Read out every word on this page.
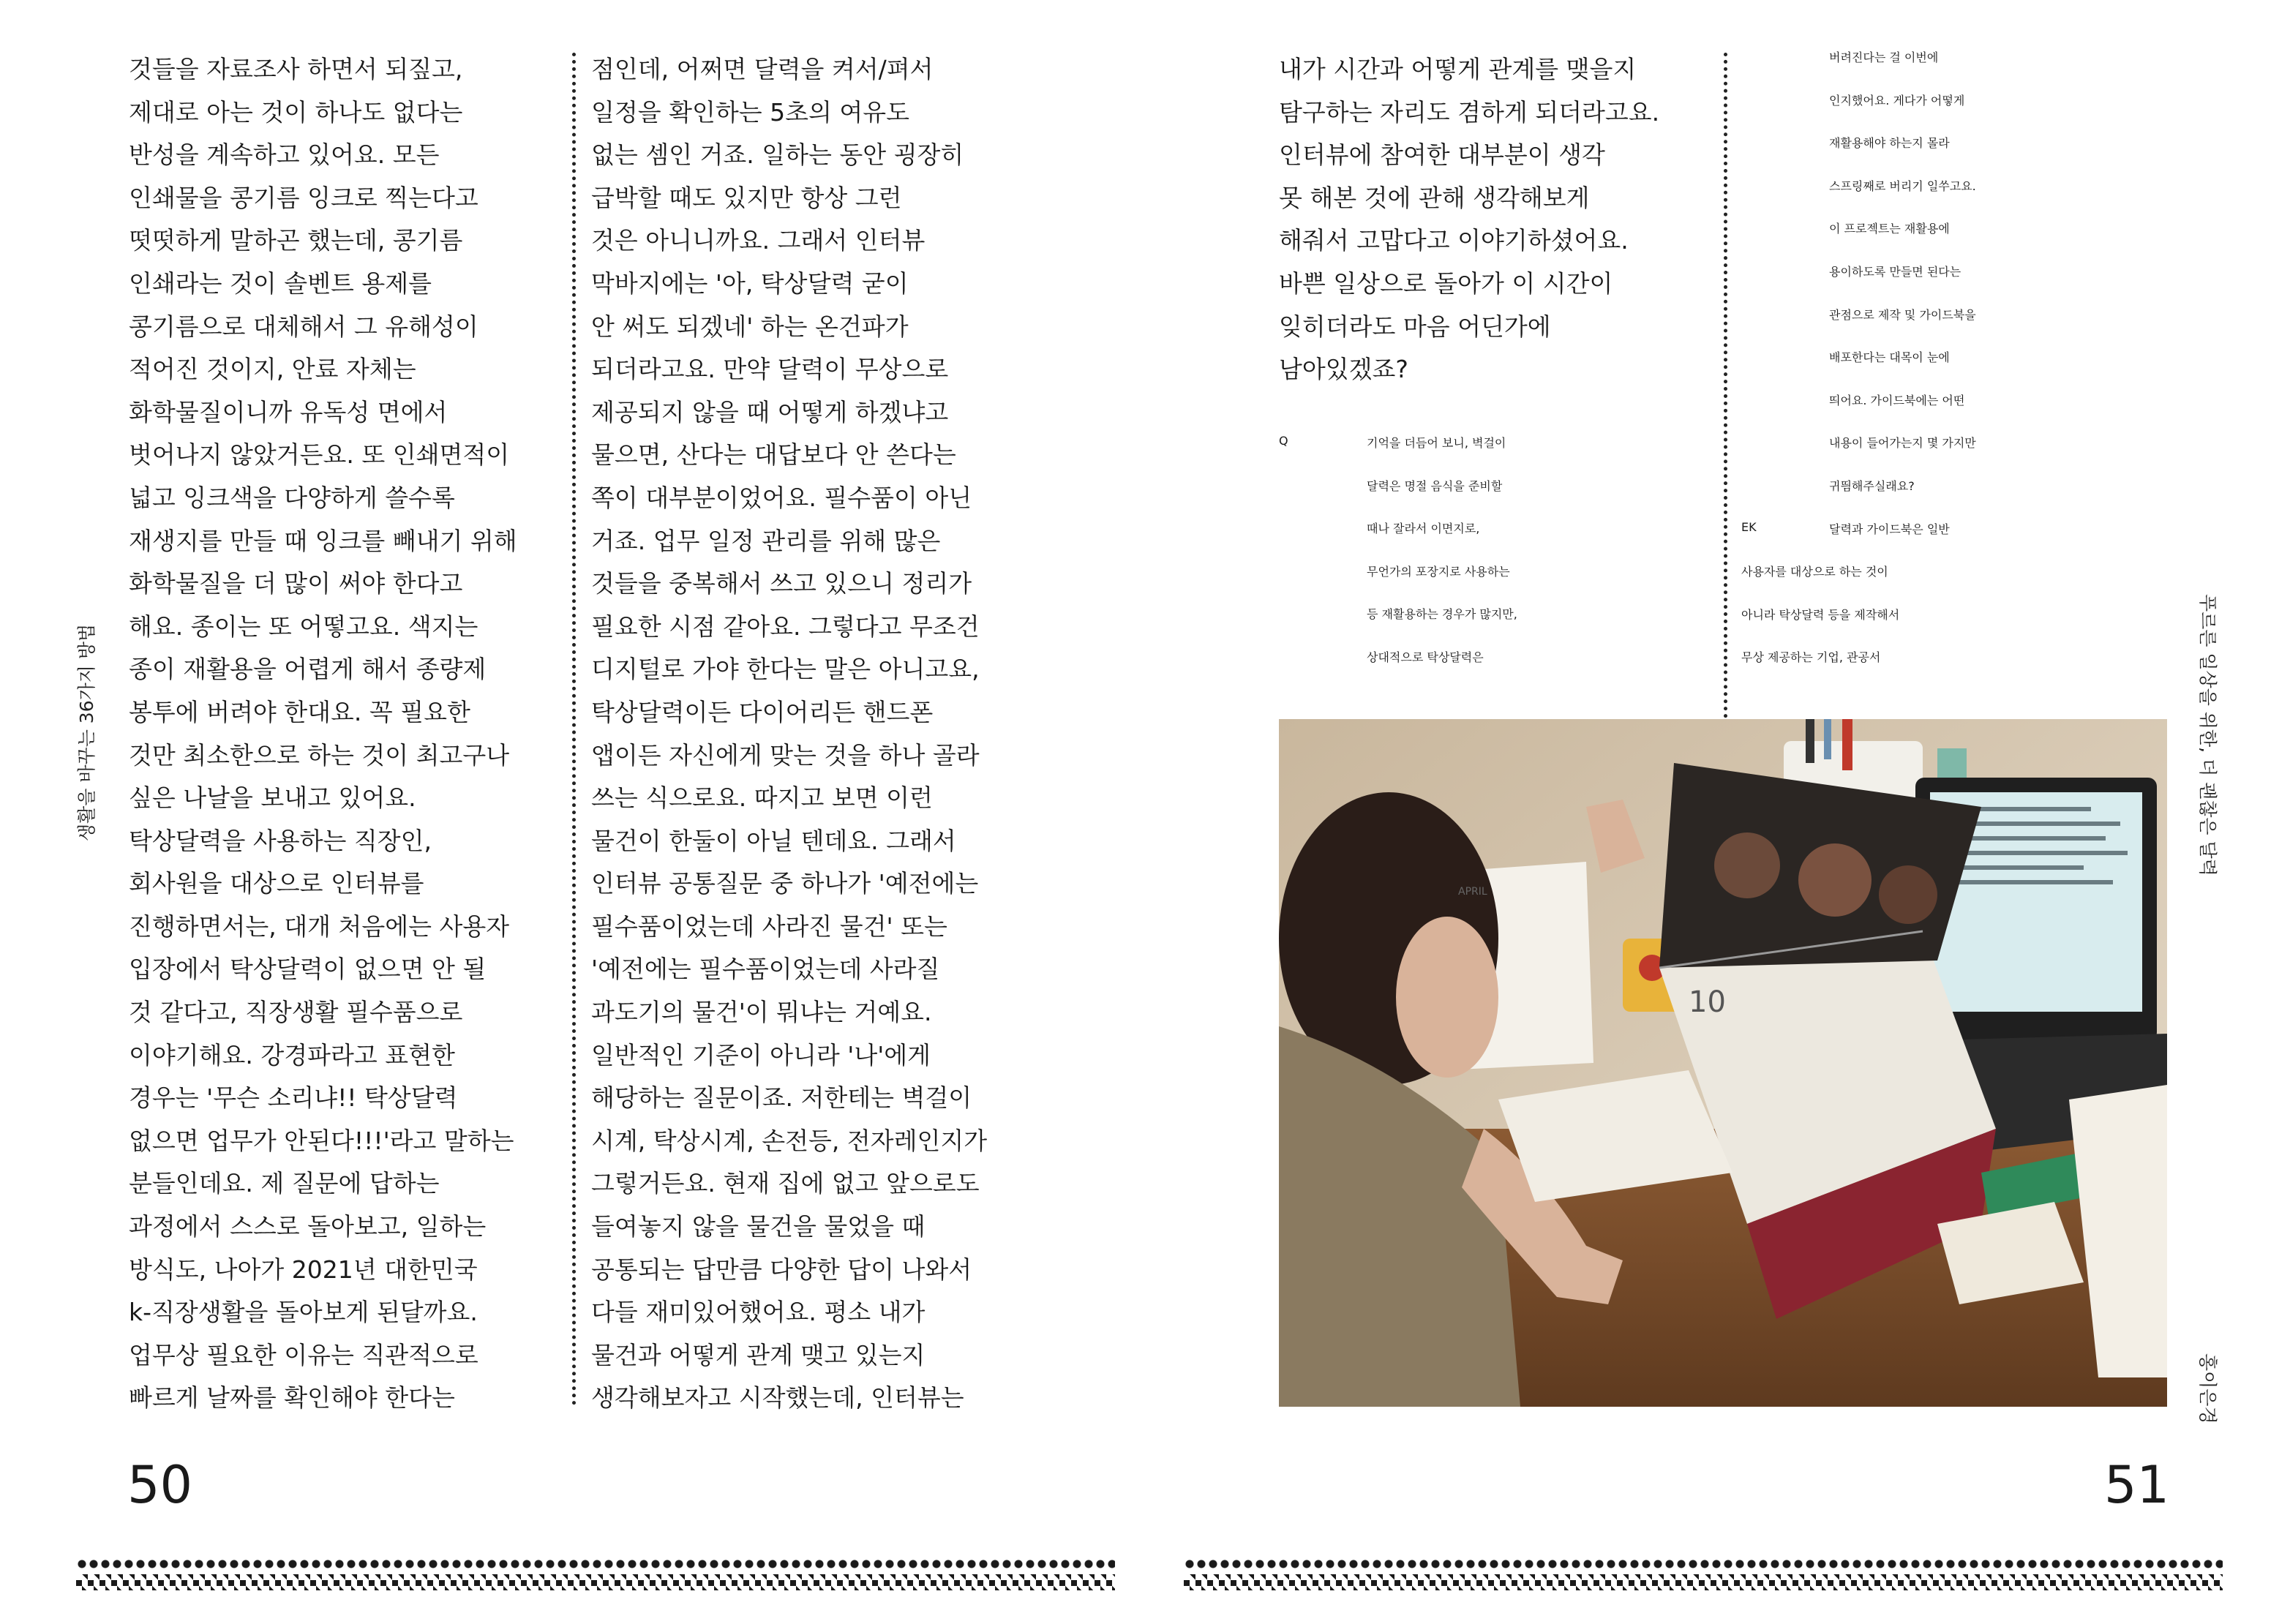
것들을 자료조사 하면서 되짚고,
제대로 아는 것이 하나도 없다는
반성을 계속하고 있어요. 모든
인쇄물을 콩기름 잉크로 찍는다고
떳떳하게 말하곤 했는데, 콩기름
인쇄라는 것이 솔벤트 용제를
콩기름으로 대체해서 그 유해성이
적어진 것이지, 안료 자체는
화학물질이니까 유독성 면에서
벗어나지 않았거든요. 또 인쇄면적이
넓고 잉크색을 다양하게 쓸수록
재생지를 만들 때 잉크를 빼내기 위해
화학물질을 더 많이 써야 한다고
해요. 종이는 또 어떻고요. 색지는
종이 재활용을 어렵게 해서 종량제
봉투에 버려야 한대요. 꼭 필요한
것만 최소한으로 하는 것이 최고구나
싶은 나날을 보내고 있어요.
탁상달력을 사용하는 직장인,
회사원을 대상으로 인터뷰를
진행하면서는, 대개 처음에는 사용자
입장에서 탁상달력이 없으면 안 될
것 같다고, 직장생활 필수품으로
이야기해요. 강경파라고 표현한
경우는 '무슨 소리냐!! 탁상달력
없으면 업무가 안된다!!!'라고 말하는
분들인데요. 제 질문에 답하는
과정에서 스스로 돌아보고, 일하는
방식도, 나아가 2021년 대한민국
k-직장생활을 돌아보게 된달까요.
업무상 필요한 이유는 직관적으로
빠르게 날짜를 확인해야 한다는
점인데, 어쩌면 달력을 켜서/펴서
일정을 확인하는 5초의 여유도
없는 셈인 거죠. 일하는 동안 굉장히
급박할 때도 있지만 항상 그런
것은 아니니까요. 그래서 인터뷰
막바지에는 '아, 탁상달력 굳이
안 써도 되겠네' 하는 온건파가
되더라고요. 만약 달력이 무상으로
제공되지 않을 때 어떻게 하겠냐고
물으면, 산다는 대답보다 안 쓴다는
쪽이 대부분이었어요. 필수품이 아닌
거죠. 업무 일정 관리를 위해 많은
것들을 중복해서 쓰고 있으니 정리가
필요한 시점 같아요. 그렇다고 무조건
디지털로 가야 한다는 말은 아니고요,
탁상달력이든 다이어리든 핸드폰
앱이든 자신에게 맞는 것을 하나 골라
쓰는 식으로요. 따지고 보면 이런
물건이 한둘이 아닐 텐데요. 그래서
인터뷰 공통질문 중 하나가 '예전에는
필수품이었는데 사라진 물건' 또는
'예전에는 필수품이었는데 사라질
과도기의 물건'이 뭐냐는 거예요.
일반적인 기준이 아니라 '나'에게
해당하는 질문이죠. 저한테는 벽걸이
시계, 탁상시계, 손전등, 전자레인지가
그렇거든요. 현재 집에 없고 앞으로도
들여놓지 않을 물건을 물었을 때
공통되는 답만큼 다양한 답이 나와서
다들 재미있어했어요. 평소 내가
물건과 어떻게 관계 맺고 있는지
생각해보자고 시작했는데, 인터뷰는
생활을 바꾸는 36가지 방법
50
내가 시간과 어떻게 관계를 맺을지
탐구하는 자리도 겸하게 되더라고요.
인터뷰에 참여한 대부분이 생각
못 해본 것에 관해 생각해보게
해줘서 고맙다고 이야기하셨어요.
바쁜 일상으로 돌아가 이 시간이
잊히더라도 마음 어딘가에
남아있겠죠?
Q	기억을 더듬어 보니, 벽걸이
달력은 명절 음식을 준비할
때나 잘라서 이면지로,
무언가의 포장지로 사용하는
등 재활용하는 경우가 많지만,
상대적으로 탁상달력은
버려진다는 걸 이번에
인지했어요. 게다가 어떻게
재활용해야 하는지 몰라
스프링째로 버리기 일쑤고요.
이 프로젝트는 재활용에
용이하도록 만들면 된다는
관점으로 제작 및 가이드북을
배포한다는 대목이 눈에
띄어요. 가이드북에는 어떤
내용이 들어가는지 몇 가지만
귀띔해주실래요?
EK	달력과 가이드북은 일반
사용자를 대상으로 하는 것이
아니라 탁상달력 등을 제작해서
무상 제공하는 기업, 관공서
10
APRIL
푸르른 일상을 위한, 더 괜찮은 달력
홍이은경
51
